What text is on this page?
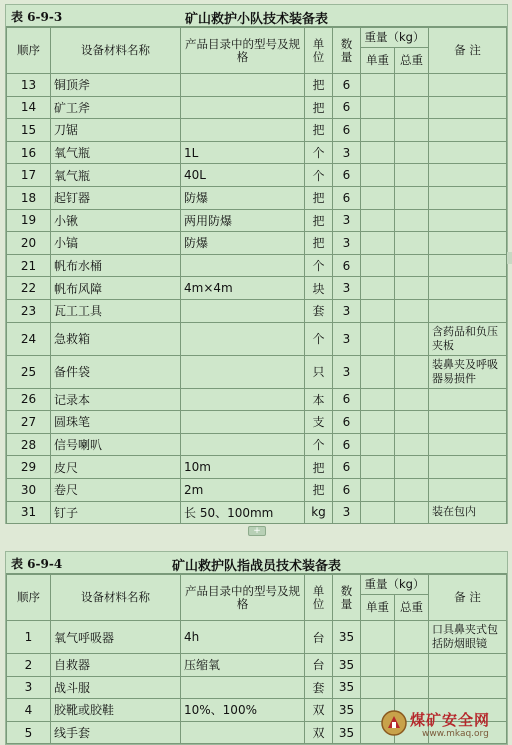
表 6-9-3	矿山救护小队技术装备表
顺序	设备材料名称	产品目录中的型号及规格	单位	数量	重量（kg）		备 注
					单重	总重	
13	铜顶斧		把	6			
14	矿工斧		把	6			
15	刀锯		把	6			
16	氧气瓶	1L	个	3			
17	氧气瓶	40L	个	6			
18	起钉器	防爆	把	6			
19	小锹	两用防爆	把	3			
20	小镐	防爆	把	3			
21	帆布水桶		个	6			
22	帆布风障	4m×4m	块	3			
23	瓦工工具		套	3			
24	急救箱		个	3			含药品和负压夹板
25	备件袋		只	3			装鼻夹及呼吸器易损件
26	记录本		本	6			
27	圆珠笔		支	6			
28	信号喇叭		个	6			
29	皮尺	10m	把	6			
30	卷尺	2m	把	6			
31	钉子	长 50、100mm	kg	3			装在包内
+
表 6-9-4	矿山救护队指战员技术装备表
顺序	设备材料名称	产品目录中的型号及规格	单位	数量	重量（kg）		备 注
					单重	总重	
1	氧气呼吸器	4h	台	35			口具鼻夹式包括防烟眼镜
2	自救器	压缩氧	台	35			
3	战斗服		套	35			
4	胶靴或胶鞋	10%、100%	双	35			
5	线手套		双	35			
煤矿安全网
www.mkaq.org
